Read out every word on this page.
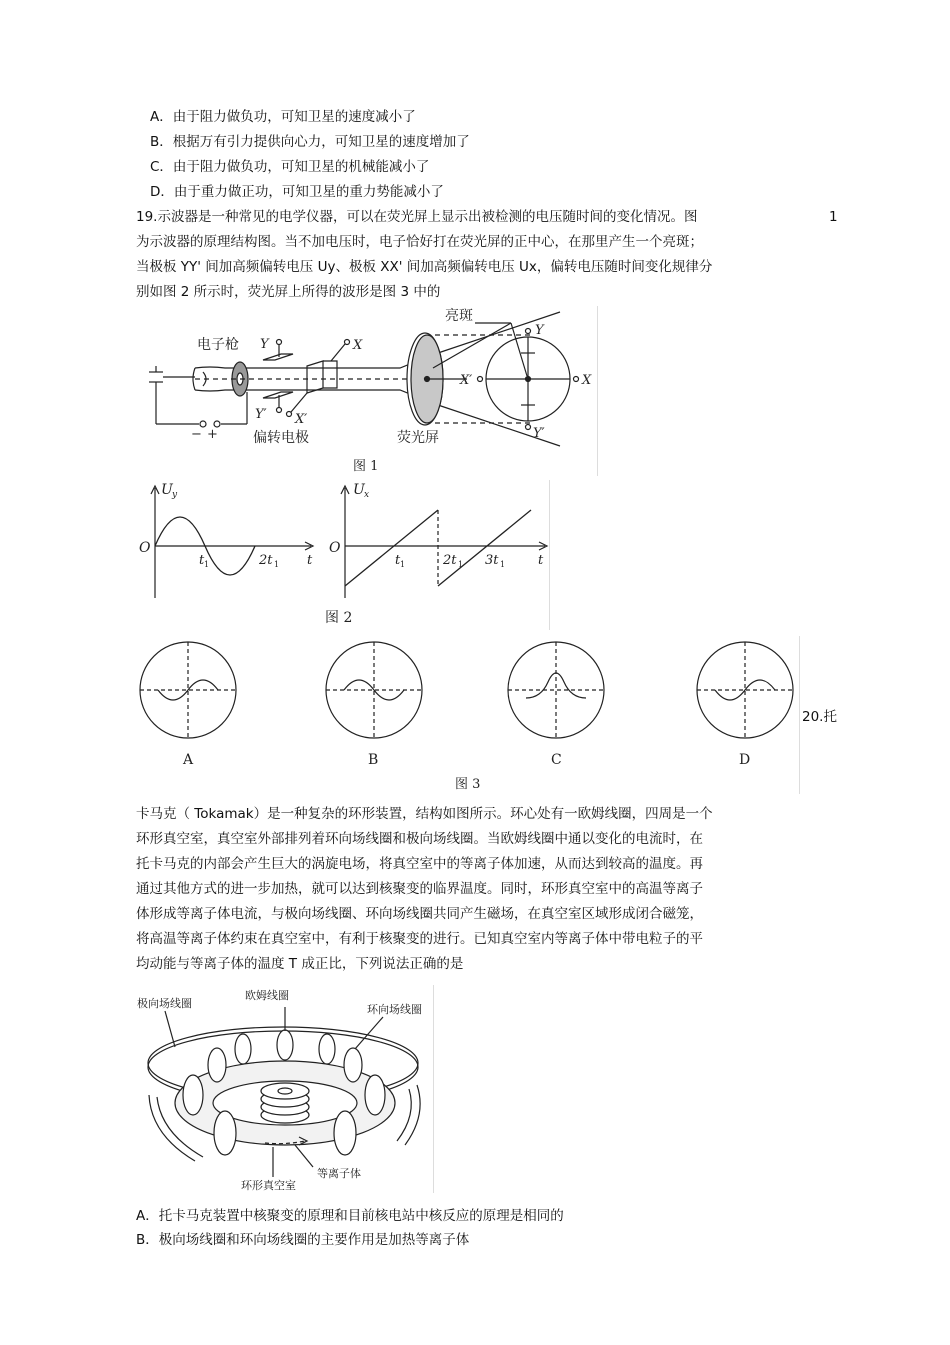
A．由于阻力做负功，可知卫星的速度减小了
B．根据万有引力提供向心力，可知卫星的速度增加了
C．由于阻力做负功，可知卫星的机械能减小了
D．由于重力做正功，可知卫星的重力势能减小了
19.示波器是一种常见的电学仪器，可以在荧光屏上显示出被检测的电压随时间的变化情况。图	1
为示波器的原理结构图。当不加电压时，电子恰好打在荧光屏的正中心，在那里产生一个亮斑；
当极板 YY' 间加高频偏转电压 Uy、极板 XX' 间加高频偏转电压 Ux，偏转电压随时间变化规律分
别如图 2 所示时，荧光屏上所得的波形是图 3 中的
− +
Y
Y′
X
X′
亮斑
Y
Y′
X′	X
电子枪
偏转电极	荧光屏
图 1
U y
O
t 1	2t 1 t
U x
O
t 1	2t 1 3t 1	t
图 2
A	B	C	D
图 3
20.托
卡马克（ Tokamak）是一种复杂的环形装置，结构如图所示。环心处有一欧姆线圈，四周是一个
环形真空室，真空室外部排列着环向场线圈和极向场线圈。当欧姆线圈中通以变化的电流时，在
托卡马克的内部会产生巨大的涡旋电场，将真空室中的等离子体加速，从而达到较高的温度。再
通过其他方式的进一步加热，就可以达到核聚变的临界温度。同时，环形真空室中的高温等离子
体形成等离子体电流，与极向场线圈、环向场线圈共同产生磁场，在真空室区域形成闭合磁笼，
将高温等离子体约束在真空室中，有利于核聚变的进行。已知真空室内等离子体中带电粒子的平
均动能与等离子体的温度 T 成正比，下列说法正确的是
极向场线圈
欧姆线圈
环向场线圈
等离子体
环形真空室
A．托卡马克装置中核聚变的原理和目前核电站中核反应的原理是相同的
B．极向场线圈和环向场线圈的主要作用是加热等离子体
